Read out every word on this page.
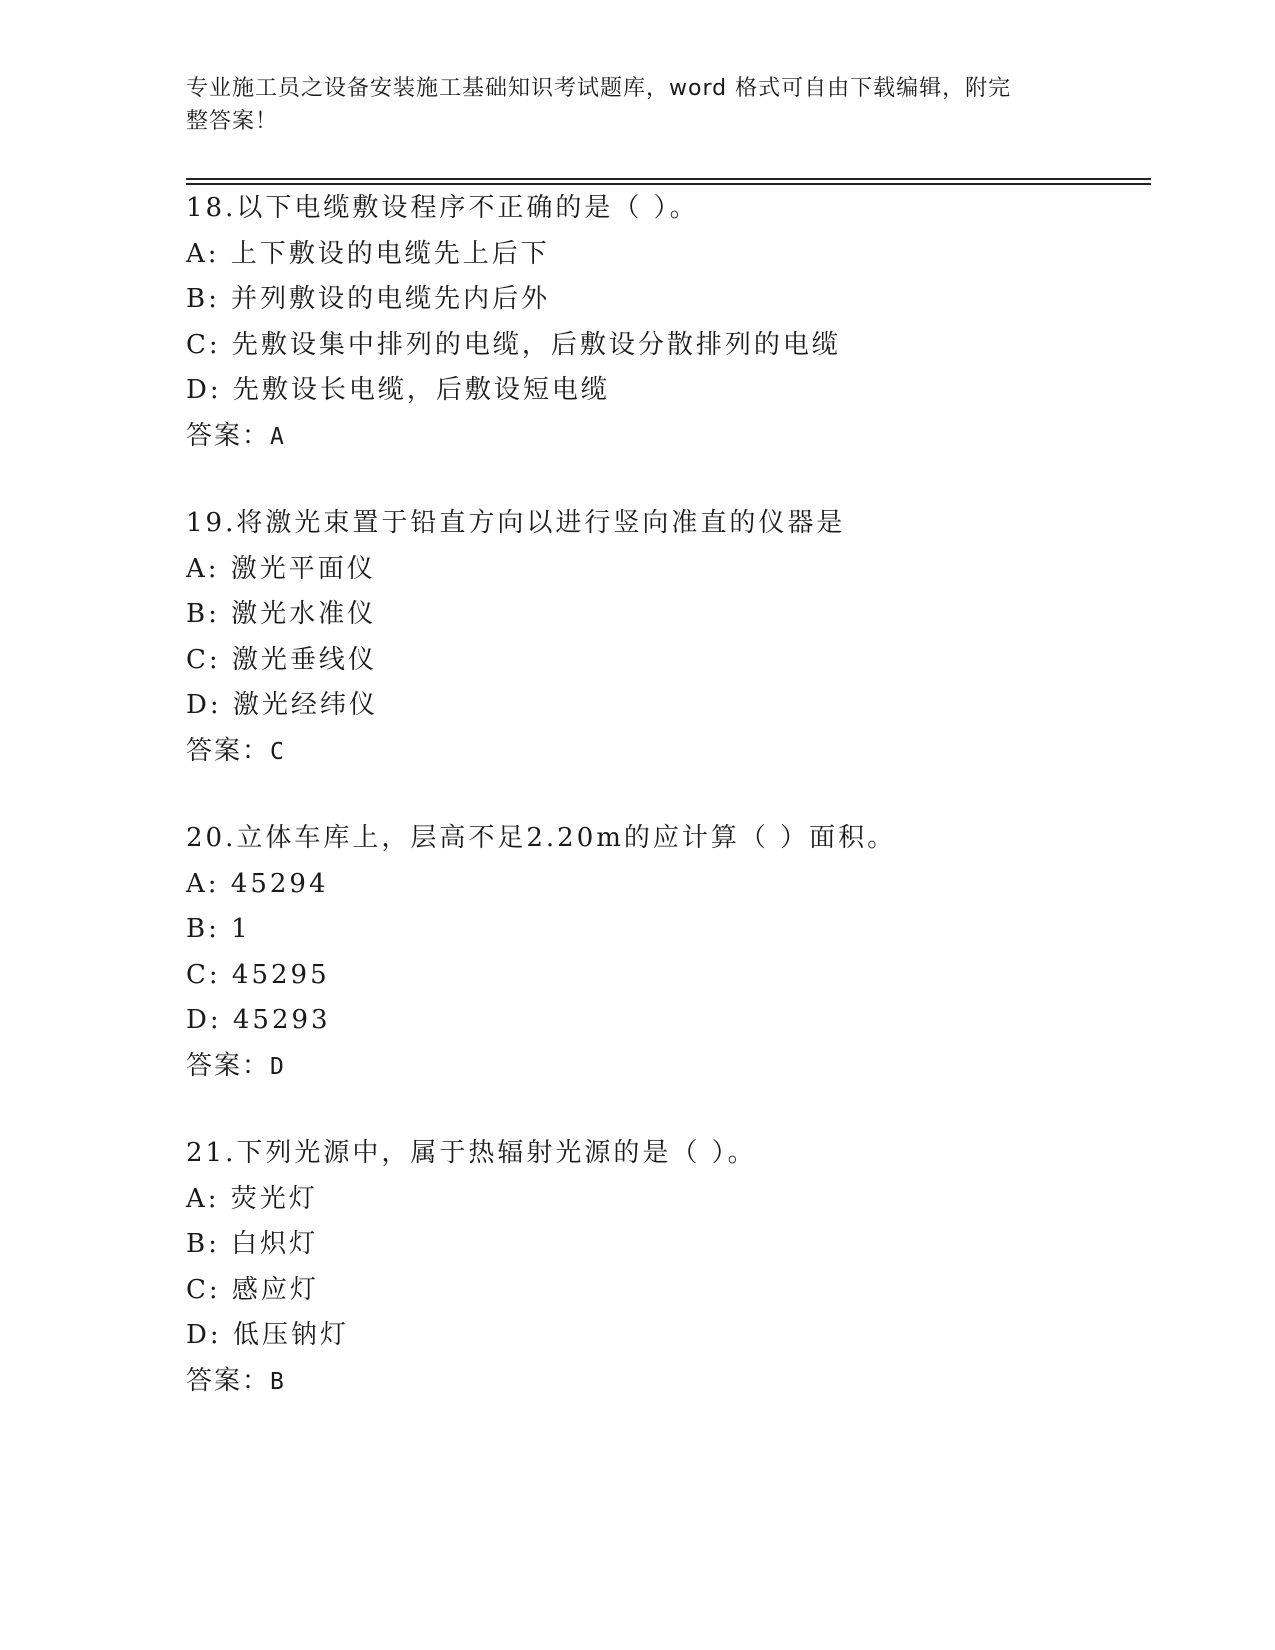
专业施工员之设备安装施工基础知识考试题库，word 格式可自由下载编辑，附完
整答案！
18.以下电缆敷设程序不正确的是（ ）。
A: 上下敷设的电缆先上后下
B: 并列敷设的电缆先内后外
C: 先敷设集中排列的电缆，后敷设分散排列的电缆
D: 先敷设长电缆，后敷设短电缆
答案：A
19.将激光束置于铅直方向以进行竖向准直的仪器是
A: 激光平面仪
B: 激光水准仪
C: 激光垂线仪
D: 激光经纬仪
答案：C
20.立体车库上，层高不足2.20m的应计算（ ）面积。
A: 45294
B: 1
C: 45295
D: 45293
答案：D
21.下列光源中，属于热辐射光源的是（ ）。
A: 荧光灯
B: 白炽灯
C: 感应灯
D: 低压钠灯
答案：B
